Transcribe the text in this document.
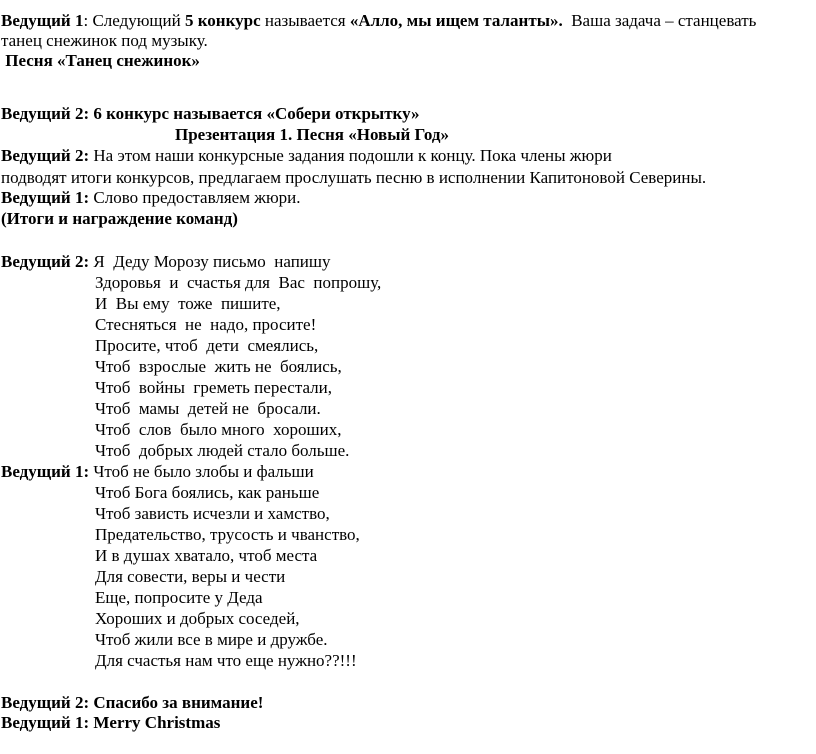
Ведущий 1: Следующий 5 конкурс называется «Алло, мы ищем таланты».  Ваша задача – станцевать
танец снежинок под музыку.
Песня «Танец снежинок»
Ведущий 2: 6 конкурс называется «Собери открытку»
Презентация 1. Песня «Новый Год»
Ведущий 2: На этом наши конкурсные задания подошли к концу. Пока члены жюри
подводят итоги конкурсов, предлагаем прослушать песню в исполнении Капитоновой Северины.
Ведущий 1: Слово предоставляем жюри.
(Итоги и награждение команд)
Ведущий 2: Я  Деду Морозу письмо  напишу
Здоровья  и  счастья для  Вас  попрошу,
И  Вы ему  тоже  пишите,
Стесняться  не  надо, просите!
Просите, чтоб  дети  смеялись,
Чтоб  взрослые  жить не  боялись,
Чтоб  войны  греметь перестали,
Чтоб  мамы  детей не  бросали.
Чтоб  слов  было много  хороших,
Чтоб  добрых людей стало больше.
Ведущий 1: Чтоб не было злобы и фальши
Чтоб Бога боялись, как раньше
Чтоб зависть исчезли и хамство,
Предательство, трусость и чванство,
И в душах хватало, чтоб места
Для совести, веры и чести
Еще, попросите у Деда
Хороших и добрых соседей,
Чтоб жили все в мире и дружбе.
Для счастья нам что еще нужно??!!!
Ведущий 2: Спасибо за внимание!
Ведущий 1: Merry Christmas
